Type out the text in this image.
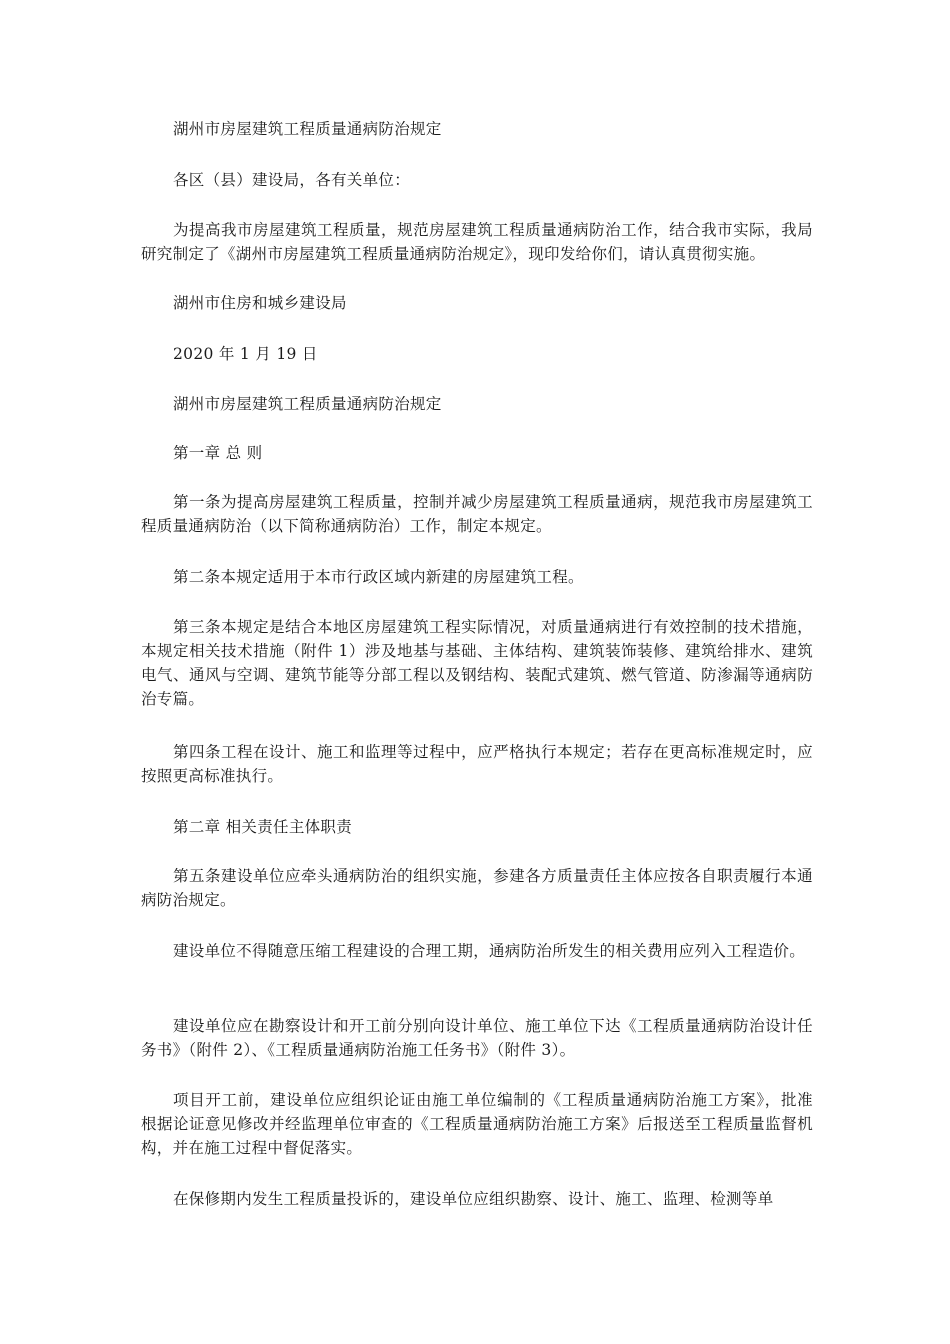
湖州市房屋建筑工程质量通病防治规定

各区（县）建设局，各有关单位：

为提高我市房屋建筑工程质量，规范房屋建筑工程质量通病防治工作，结合我市实际，我局研究制定了《湖州市房屋建筑工程质量通病防治规定》，现印发给你们，请认真贯彻实施。

湖州市住房和城乡建设局

2020 年 1 月 19 日

湖州市房屋建筑工程质量通病防治规定

第一章 总 则

第一条为提高房屋建筑工程质量，控制并减少房屋建筑工程质量通病，规范我市房屋建筑工程质量通病防治（以下简称通病防治）工作，制定本规定。

第二条本规定适用于本市行政区域内新建的房屋建筑工程。

第三条本规定是结合本地区房屋建筑工程实际情况，对质量通病进行有效控制的技术措施，本规定相关技术措施（附件 1）涉及地基与基础、主体结构、建筑装饰装修、建筑给排水、建筑电气、通风与空调、建筑节能等分部工程以及钢结构、装配式建筑、燃气管道、防渗漏等通病防治专篇。

第四条工程在设计、施工和监理等过程中，应严格执行本规定；若存在更高标准规定时，应按照更高标准执行。

第二章 相关责任主体职责

第五条建设单位应牵头通病防治的组织实施，参建各方质量责任主体应按各自职责履行本通病防治规定。

建设单位不得随意压缩工程建设的合理工期，通病防治所发生的相关费用应列入工程造价。

建设单位应在勘察设计和开工前分别向设计单位、施工单位下达《工程质量通病防治设计任务书》（附件 2）、《工程质量通病防治施工任务书》（附件 3）。

项目开工前，建设单位应组织论证由施工单位编制的《工程质量通病防治施工方案》，批准根据论证意见修改并经监理单位审查的《工程质量通病防治施工方案》后报送至工程质量监督机构，并在施工过程中督促落实。

在保修期内发生工程质量投诉的，建设单位应组织勘察、设计、施工、监理、检测等单
